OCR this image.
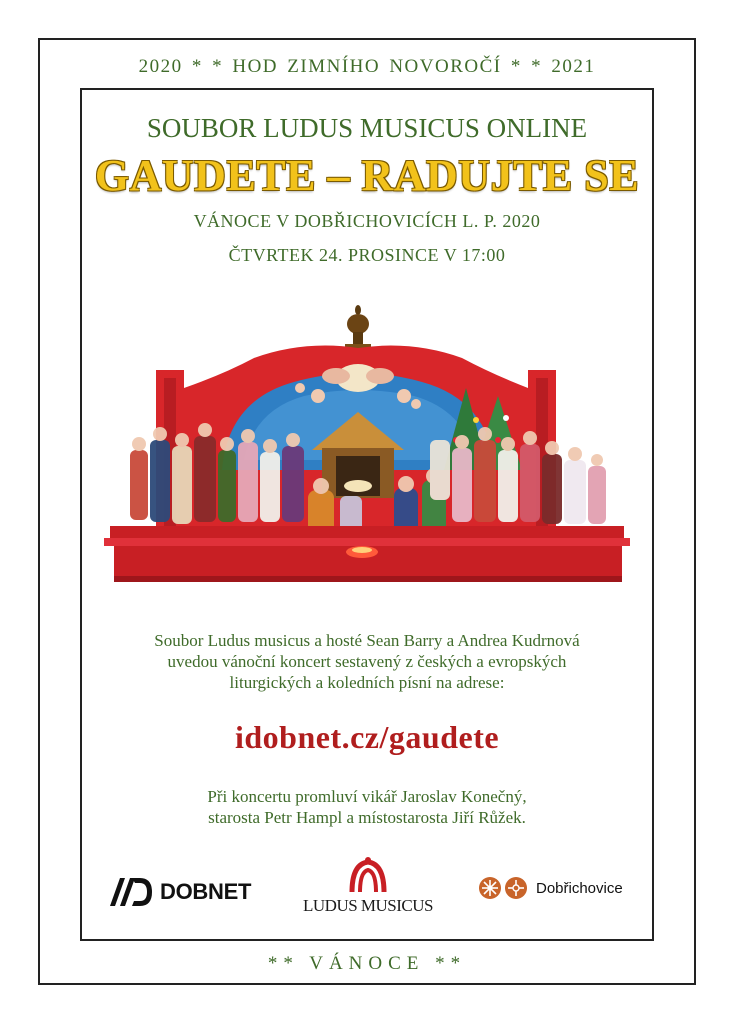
2020 * * HOD ZIMNÍHO NOVOROČÍ * * 2021
SOUBOR LUDUS MUSICUS ONLINE
GAUDETE – RADUJTE SE
VÁNOCE V DOBŘICHOVICÍCH L. P. 2020
ČTVRTEK 24. PROSINCE V 17:00
Soubor Ludus musicus a hosté Sean Barry a Andrea Kudrnová
uvedou vánoční koncert sestavený z českých a evropských
liturgických a koledních písní na adrese:
idobnet.cz/gaudete
Při koncertu promluví vikář Jaroslav Konečný,
starosta Petr Hampl a místostarosta Jiří Růžek.
DOBNET
LUDUS MUSICUS
Dobřichovice
** VÁNOCE **
